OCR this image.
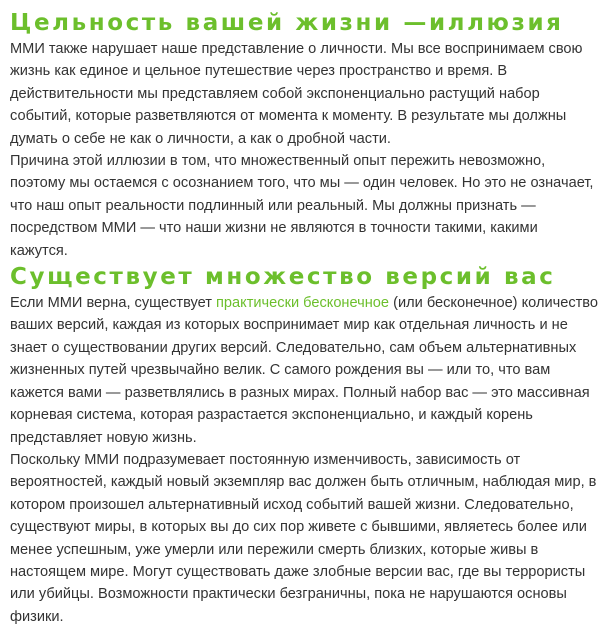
Цельность вашей жизни —иллюзия

ММИ также нарушает наше представление о личности. Мы все воспринимаем свою жизнь как единое и цельное путешествие через пространство и время. В действительности мы представляем собой экспоненциально растущий набор событий, которые разветвляются от момента к моменту. В результате мы должны думать о себе не как о личности, а как о дробной части.

Причина этой иллюзии в том, что множественный опыт пережить невозможно, поэтому мы остаемся с осознанием того, что мы — один человек. Но это не означает, что наш опыт реальности подлинный или реальный. Мы должны признать — посредством ММИ — что наши жизни не являются в точности такими, какими кажутся.

Существует множество версий вас

Если ММИ верна, существует практически бесконечное (или бесконечное) количество ваших версий, каждая из которых воспринимает мир как отдельная личность и не знает о существовании других версий. Следовательно, сам объем альтернативных жизненных путей чрезвычайно велик. С самого рождения вы — или то, что вам кажется вами — разветвлялись в разных мирах. Полный набор вас — это массивная корневая система, которая разрастается экспоненциально, и каждый корень представляет новую жизнь.

Поскольку ММИ подразумевает постоянную изменчивость, зависимость от вероятностей, каждый новый экземпляр вас должен быть отличным, наблюдая мир, в котором произошел альтернативный исход событий вашей жизни. Следовательно, существуют миры, в которых вы до сих пор живете с бывшими, являетесь более или менее успешным, уже умерли или пережили смерть близких, которые живы в настоящем мире. Могут существовать даже злобные версии вас, где вы террористы или убийцы. Возможности практически безграничны, пока не нарушаются основы физики.
